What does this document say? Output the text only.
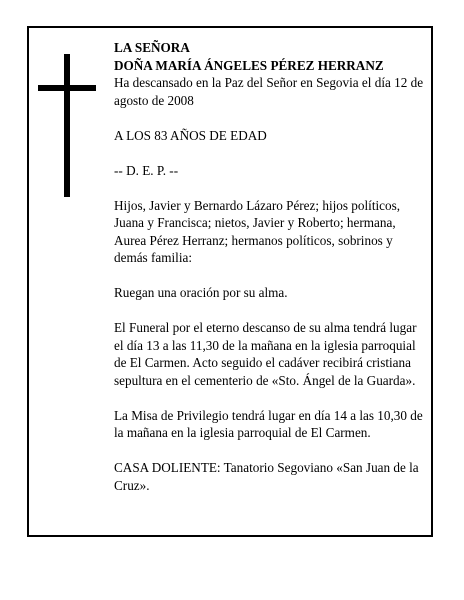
LA SEÑORA

DOÑA MARÍA ÁNGELES PÉREZ HERRANZ

Ha descansado en la Paz del Señor en Segovia el día 12 de agosto de 2008

A LOS 83 AÑOS DE EDAD

-- D. E. P. --

Hijos, Javier y Bernardo Lázaro Pérez; hijos políticos, Juana y Francisca; nietos, Javier y Roberto; hermana, Aurea Pérez Herranz; hermanos políticos, sobrinos y demás familia:

Ruegan una oración por su alma.

El Funeral por el eterno descanso de su alma tendrá lugar el día 13 a las 11,30 de la mañana en la iglesia parroquial de El Carmen. Acto seguido el cadáver recibirá cristiana sepultura en el cementerio de «Sto. Ángel de la Guarda».

La Misa de Privilegio tendrá lugar en día 14 a las 10,30 de la mañana en la iglesia parroquial de El Carmen.

CASA DOLIENTE: Tanatorio Segoviano «San Juan de la Cruz».
